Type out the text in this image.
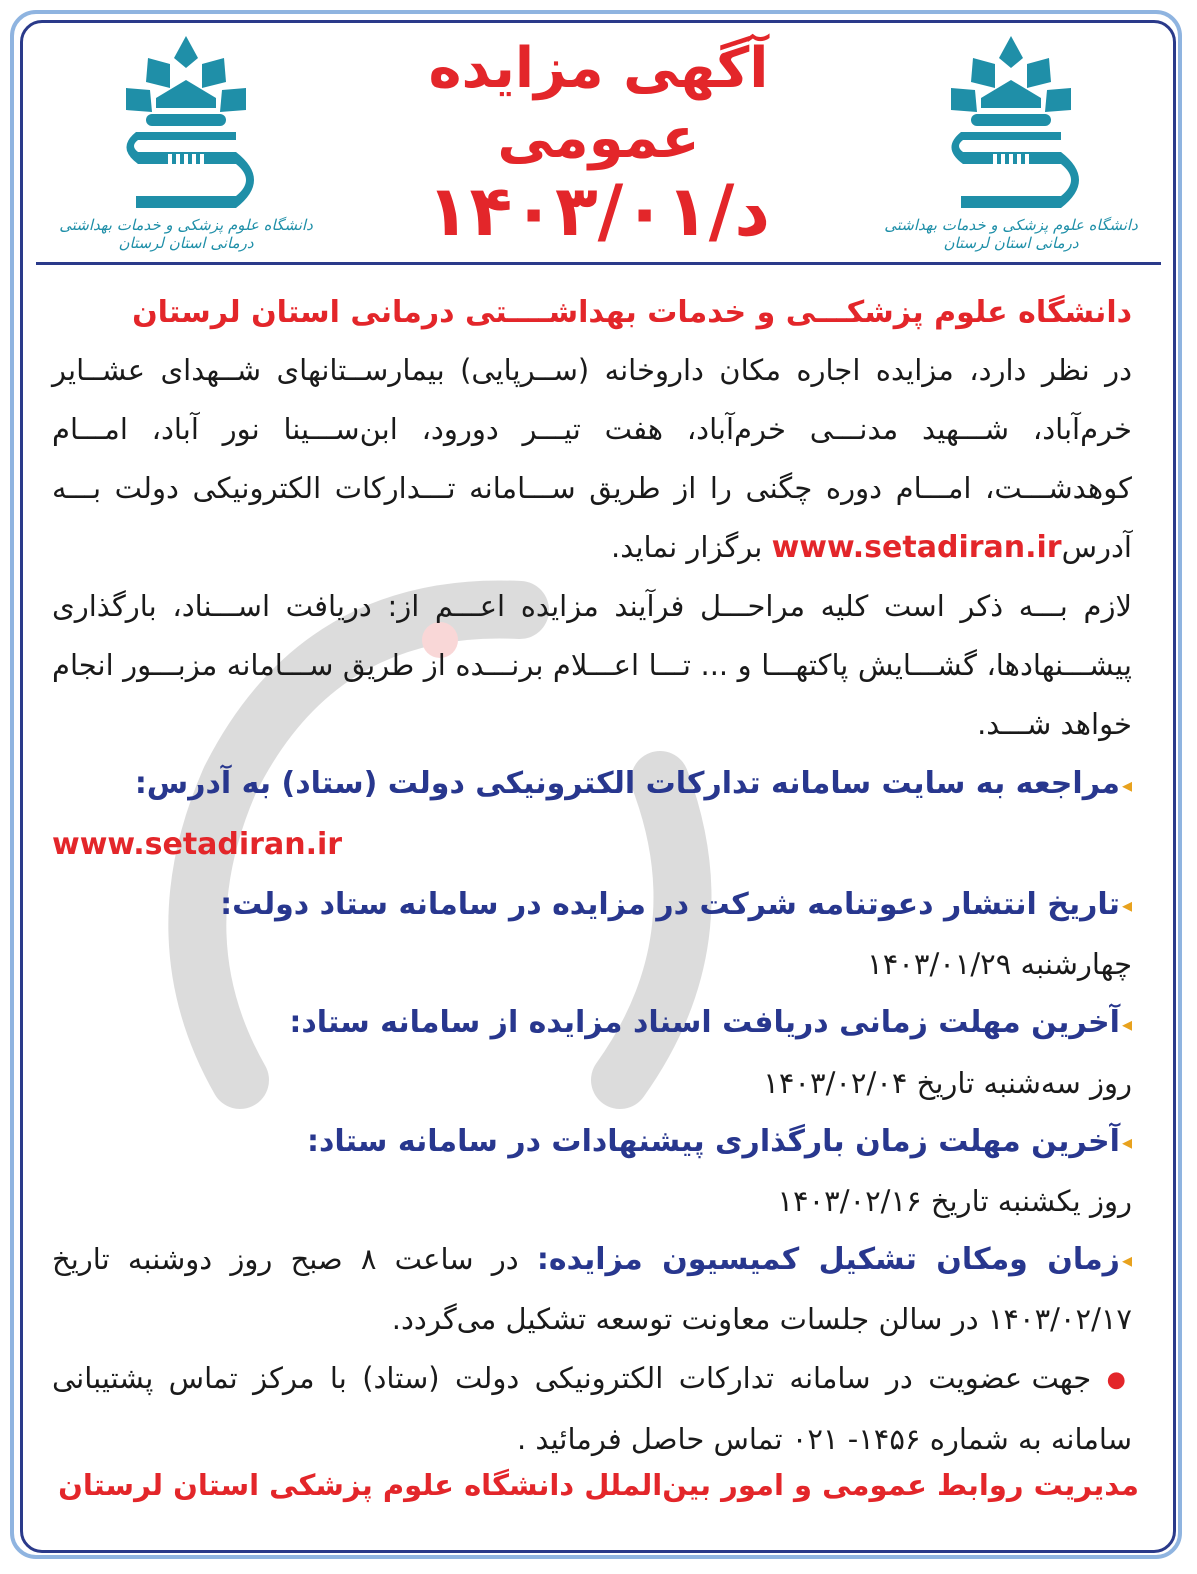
دانشگاه علوم پزشکی و خدمات بهداشتی درمانی استان لرستان
آگهی مزایده عمومی
۱۴۰۳/۰۱/د
دانشگاه علوم پزشکی و خدمات بهداشتی درمانی استان لرستان
دانشگاه علوم پزشکـــی و خدمات بهداشــــتی درمانی استان لرستان

در نظر دارد، مزایده اجاره مکان داروخانه (ســرپایی) بیمارســتانهای شــهدای عشــایر خرم‌آباد، شـــهید مدنـــی خرم‌آباد، هفت تیـــر دورود، ابن‌ســـینا نور آباد، امـــام کوهدشـــت، امـــام دوره چگنی را از طریق ســـامانه تـــدارکات الکترونیکی دولت بـــه آدرسwww.setadiran.ir برگزار نماید.

لازم بـــه ذکر است کلیه مراحـــل فرآیند مزایده اعـــم از: دریافت اســـناد، بارگذاری پیشـــنهادها، گشـــایش پاکتهـــا و ... تـــا اعـــلام برنـــده از طریق ســـامانه مزبـــور انجام خواهد شـــد.

◂مراجعه به سایت سامانه تدارکات الکترونیکی دولت (ستاد) به آدرس:

www.setadiran.ir

◂تاریخ انتشار دعوتنامه شرکت در مزایده در سامانه ستاد دولت:

چهارشنبه ۱۴۰۳/۰۱/۲۹

◂آخرین مهلت زمانی دریافت اسناد مزایده از سامانه ستاد:

روز سه‌شنبه تاریخ ۱۴۰۳/۰۲/۰۴

◂آخرین مهلت زمان بارگذاری پیشنهادات در سامانه ستاد:

روز یکشنبه تاریخ ۱۴۰۳/۰۲/۱۶

◂زمان ومکان تشکیل کمیسیون مزایده: در ساعت ۸ صبح روز دوشنبه تاریخ ۱۴۰۳/۰۲/۱۷ در سالن جلسات معاونت توسعه تشکیل می‌گردد.

● جهت عضویت در سامانه تدارکات الکترونیکی دولت (ستاد) با مرکز تماس پشتیبانی سامانه به شماره ۱۴۵۶- ۰۲۱ تماس حاصل فرمائید .

مدیریت روابط عمومی و امور بین‌الملل دانشگاه علوم پزشکی استان لرستان
